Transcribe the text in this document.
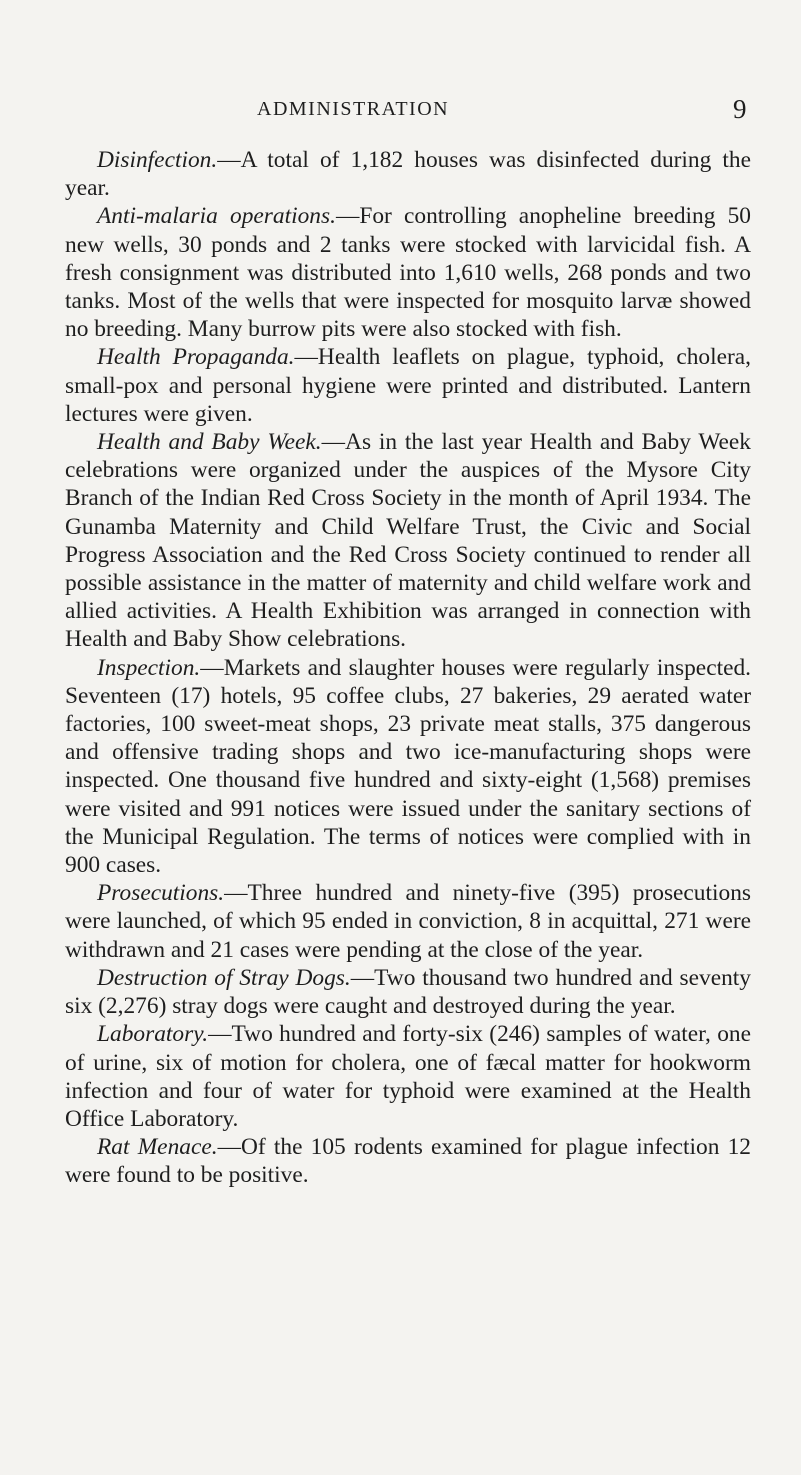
ADMINISTRATION	9

Disinfection.—A total of 1,182 houses was disinfected during the year.

Anti-malaria operations.—For controlling anopheline breeding 50 new wells, 30 ponds and 2 tanks were stocked with larvicidal fish. A fresh consignment was distributed into 1,610 wells, 268 ponds and two tanks. Most of the wells that were inspected for mosquito larvæ showed no breeding. Many burrow pits were also stocked with fish.

Health Propaganda.—Health leaflets on plague, typhoid, cholera, small-pox and personal hygiene were printed and distributed. Lantern lectures were given.

Health and Baby Week.—As in the last year Health and Baby Week celebrations were organized under the auspices of the Mysore City Branch of the Indian Red Cross Society in the month of April 1934. The Gunamba Maternity and Child Welfare Trust, the Civic and Social Progress Association and the Red Cross Society continued to render all possible assistance in the matter of maternity and child welfare work and allied activities. A Health Exhibition was arranged in connection with Health and Baby Show celebrations.

Inspection.—Markets and slaughter houses were regularly inspected. Seventeen (17) hotels, 95 coffee clubs, 27 bakeries, 29 aerated water factories, 100 sweet-meat shops, 23 private meat stalls, 375 dangerous and offensive trading shops and two ice-manufacturing shops were inspected. One thousand five hundred and sixty-eight (1,568) premises were visited and 991 notices were issued under the sanitary sections of the Municipal Regulation. The terms of notices were complied with in 900 cases.

Prosecutions.—Three hundred and ninety-five (395) prosecutions were launched, of which 95 ended in conviction, 8 in acquittal, 271 were withdrawn and 21 cases were pending at the close of the year.

Destruction of Stray Dogs.—Two thousand two hundred and seventy six (2,276) stray dogs were caught and destroyed during the year.

Laboratory.—Two hundred and forty-six (246) samples of water, one of urine, six of motion for cholera, one of fæcal matter for hookworm infection and four of water for typhoid were examined at the Health Office Laboratory.

Rat Menace.—Of the 105 rodents examined for plague infection 12 were found to be positive.
